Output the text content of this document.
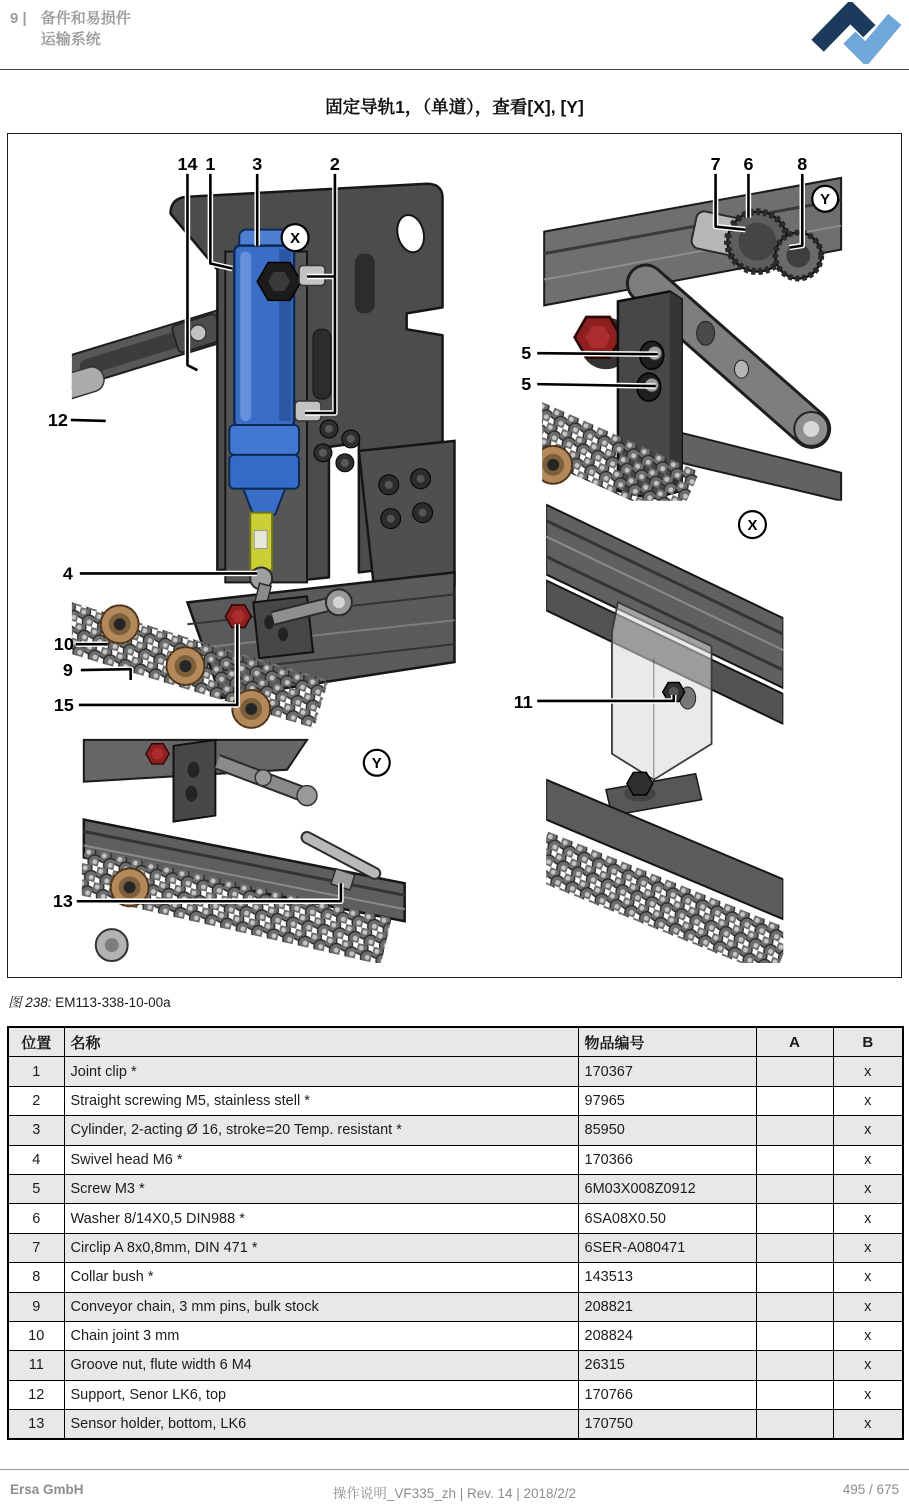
9 | 备件和易损件
运输系统
固定导轨1，（单道），查看[X], [Y]
14 1 3	2	7 6 8
12
4
10
9
15
5
5
11
13
X
Y
X
Y
图 238: EM113-338-10-00a
位置	名称	物品编号	A	B
1	Joint clip *	170367		x
2	Straight screwing M5, stainless stell *	97965		x
3	Cylinder, 2-acting Ø 16, stroke=20 Temp. resistant *	85950		x
4	Swivel head M6 *	170366		x
5	Screw M3 *	6M03X008Z0912		x
6	Washer 8/14X0,5 DIN988 *	6SA08X0.50		x
7	Circlip A 8x0,8mm, DIN 471 *	6SER-A080471		x
8	Collar bush *	143513		x
9	Conveyor chain, 3 mm pins, bulk stock	208821		x
10	Chain joint 3 mm	208824		x
11	Groove nut, flute width 6 M4	26315		x
12	Support, Senor LK6, top	170766		x
13	Sensor holder, bottom, LK6	170750		x
Ersa GmbH	操作说明_VF335_zh | Rev. 14 | 2018/2/2	495 / 675
